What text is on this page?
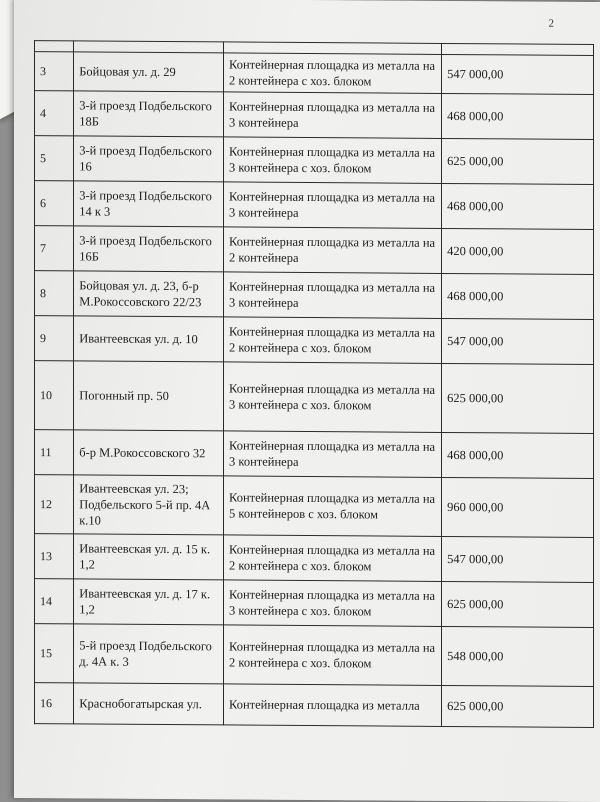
2

3	Бойцовая ул. д. 29	Контейнерная площадка из металла на 2 контейнера с хоз. блоком	547 000,00
4	3-й проезд Подбельского 18Б	Контейнерная площадка из металла на 3 контейнера	468 000,00
5	3-й проезд Подбельского 16	Контейнерная площадка из металла на 3 контейнера с хоз. блоком	625 000,00
6	3-й проезд Подбельского 14 к 3	Контейнерная площадка из металла на 3 контейнера	468 000,00
7	3-й проезд Подбельского 16Б	Контейнерная площадка из металла на 2 контейнера	420 000,00
8	Бойцовая ул. д. 23, б-р М.Рокоссовского 22/23	Контейнерная площадка из металла на 3 контейнера	468 000,00
9	Ивантеевская ул. д. 10	Контейнерная площадка из металла на 2 контейнера с хоз. блоком	547 000,00
10	Погонный пр. 50	Контейнерная площадка из металла на 3 контейнера с хоз. блоком	625 000,00
11	б-р М.Рокоссовского 32	Контейнерная площадка из металла на 3 контейнера	468 000,00
12	Ивантеевская ул. 23; Подбельского 5-й пр. 4А к.10	Контейнерная площадка из металла на 5 контейнеров с хоз. блоком	960 000,00
13	Ивантеевская ул. д. 15 к. 1,2	Контейнерная площадка из металла на 2 контейнера с хоз. блоком	547 000,00
14	Ивантеевская ул. д. 17 к. 1,2	Контейнерная площадка из металла на 3 контейнера с хоз. блоком	625 000,00
15	5-й проезд Подбельского д. 4А к. 3	Контейнерная площадка из металла на 2 контейнера с хоз. блоком	548 000,00
16	Краснобогатырская ул.	Контейнерная площадка из металла	625 000,00
